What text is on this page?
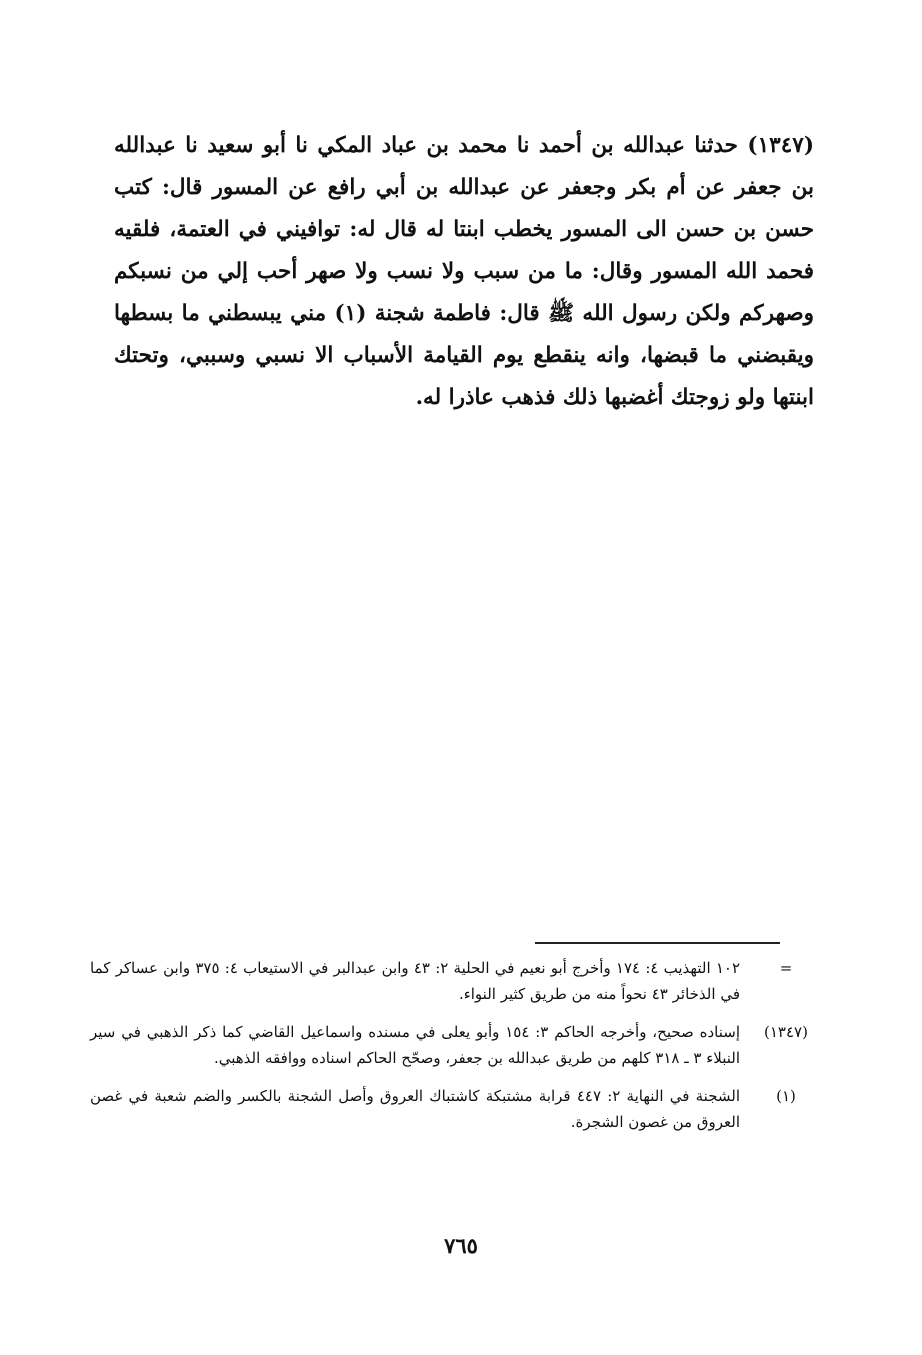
(١٣٤٧) حدثنا عبدالله بن أحمد نا محمد بن عباد المكي نا أبو سعيد نا عبدالله بن جعفر عن أم بكر وجعفر عن عبدالله بن أبي رافع عن المسور قال: كتب حسن بن حسن الى المسور يخطب ابنتا له قال له: توافيني في العتمة، فلقيه فحمد الله المسور وقال: ما من سبب ولا نسب ولا صهر أحب إلي من نسبكم وصهركم ولكن رسول الله ﷺ قال: فاطمة شجنة (١) مني يبسطني ما بسطها ويقبضني ما قبضها، وانه ينقطع يوم القيامة الأسباب الا نسبي وسببي، وتحتك ابنتها ولو زوجتك أغضبها ذلك فذهب عاذرا له.

=
١٠٢ التهذيب ٤: ١٧٤ وأخرج أبو نعيم في الحلية ٢: ٤٣ وابن عبدالبر في الاستيعاب ٤: ٣٧٥ وابن عساكر كما في الذخائر ٤٣ نحواً منه من طريق كثير النواء.
(١٣٤٧)
إسناده صحيح، وأخرجه الحاكم ٣: ١٥٤ وأبو يعلى في مسنده واسماعيل القاضي كما ذكر الذهبي في سير النبلاء ٣ ـ ٣١٨ كلهم من طريق عبدالله بن جعفر، وصحّح الحاكم اسناده ووافقه الذهبي.
(١)
الشجنة في النهاية ٢: ٤٤٧ قرابة مشتبكة كاشتباك العروق وأصل الشجنة بالكسر والضم شعبة في غصن العروق من غصون الشجرة.
٧٦٥
